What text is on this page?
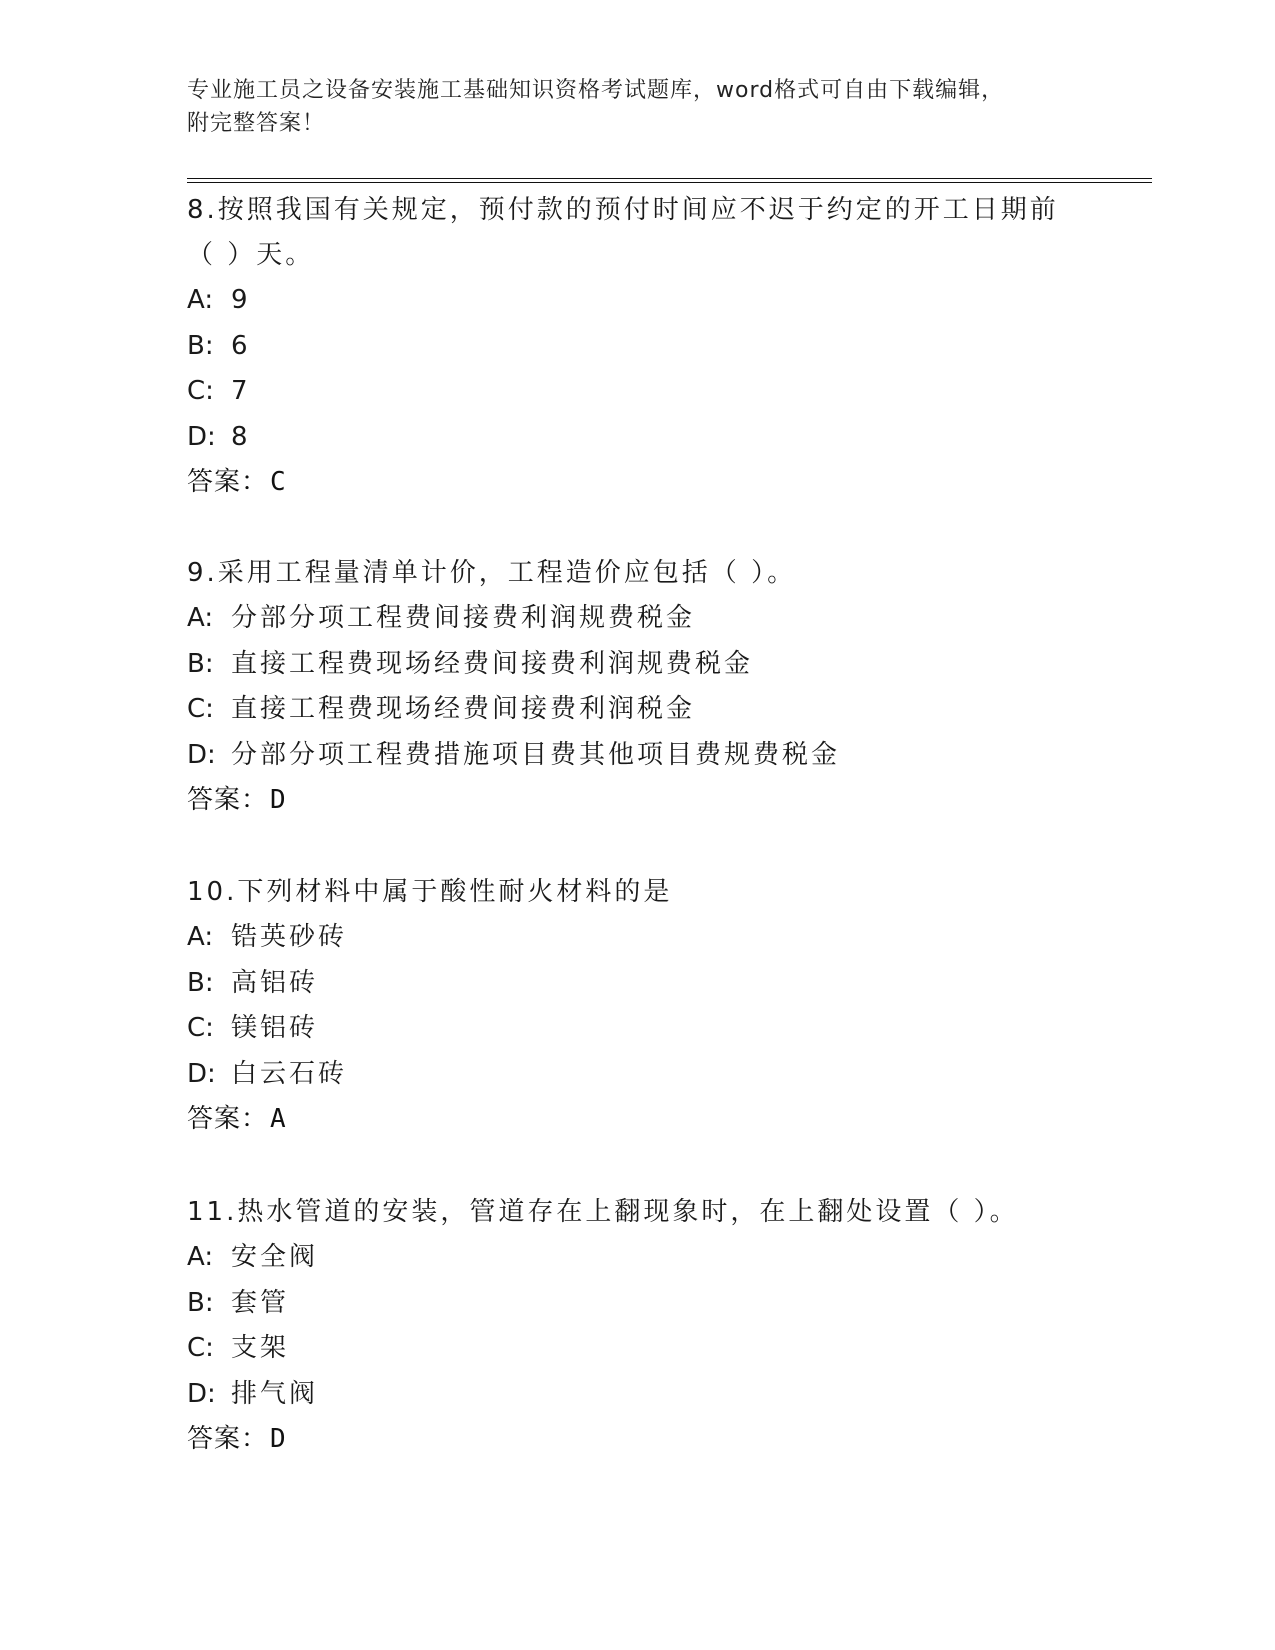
专业施工员之设备安装施工基础知识资格考试题库，word格式可自由下载编辑，
附完整答案！
8.按照我国有关规定，预付款的预付时间应不迟于约定的开工日期前（ ）天。
A: 9
B: 6
C: 7
D: 8
答案：C
9.采用工程量清单计价，工程造价应包括（ ）。
A: 分部分项工程费间接费利润规费税金
B: 直接工程费现场经费间接费利润规费税金
C: 直接工程费现场经费间接费利润税金
D: 分部分项工程费措施项目费其他项目费规费税金
答案：D
10.下列材料中属于酸性耐火材料的是
A: 锆英砂砖
B: 高铝砖
C: 镁铝砖
D: 白云石砖
答案：A
11.热水管道的安装，管道存在上翻现象时，在上翻处设置（ ）。
A: 安全阀
B: 套管
C: 支架
D: 排气阀
答案：D
